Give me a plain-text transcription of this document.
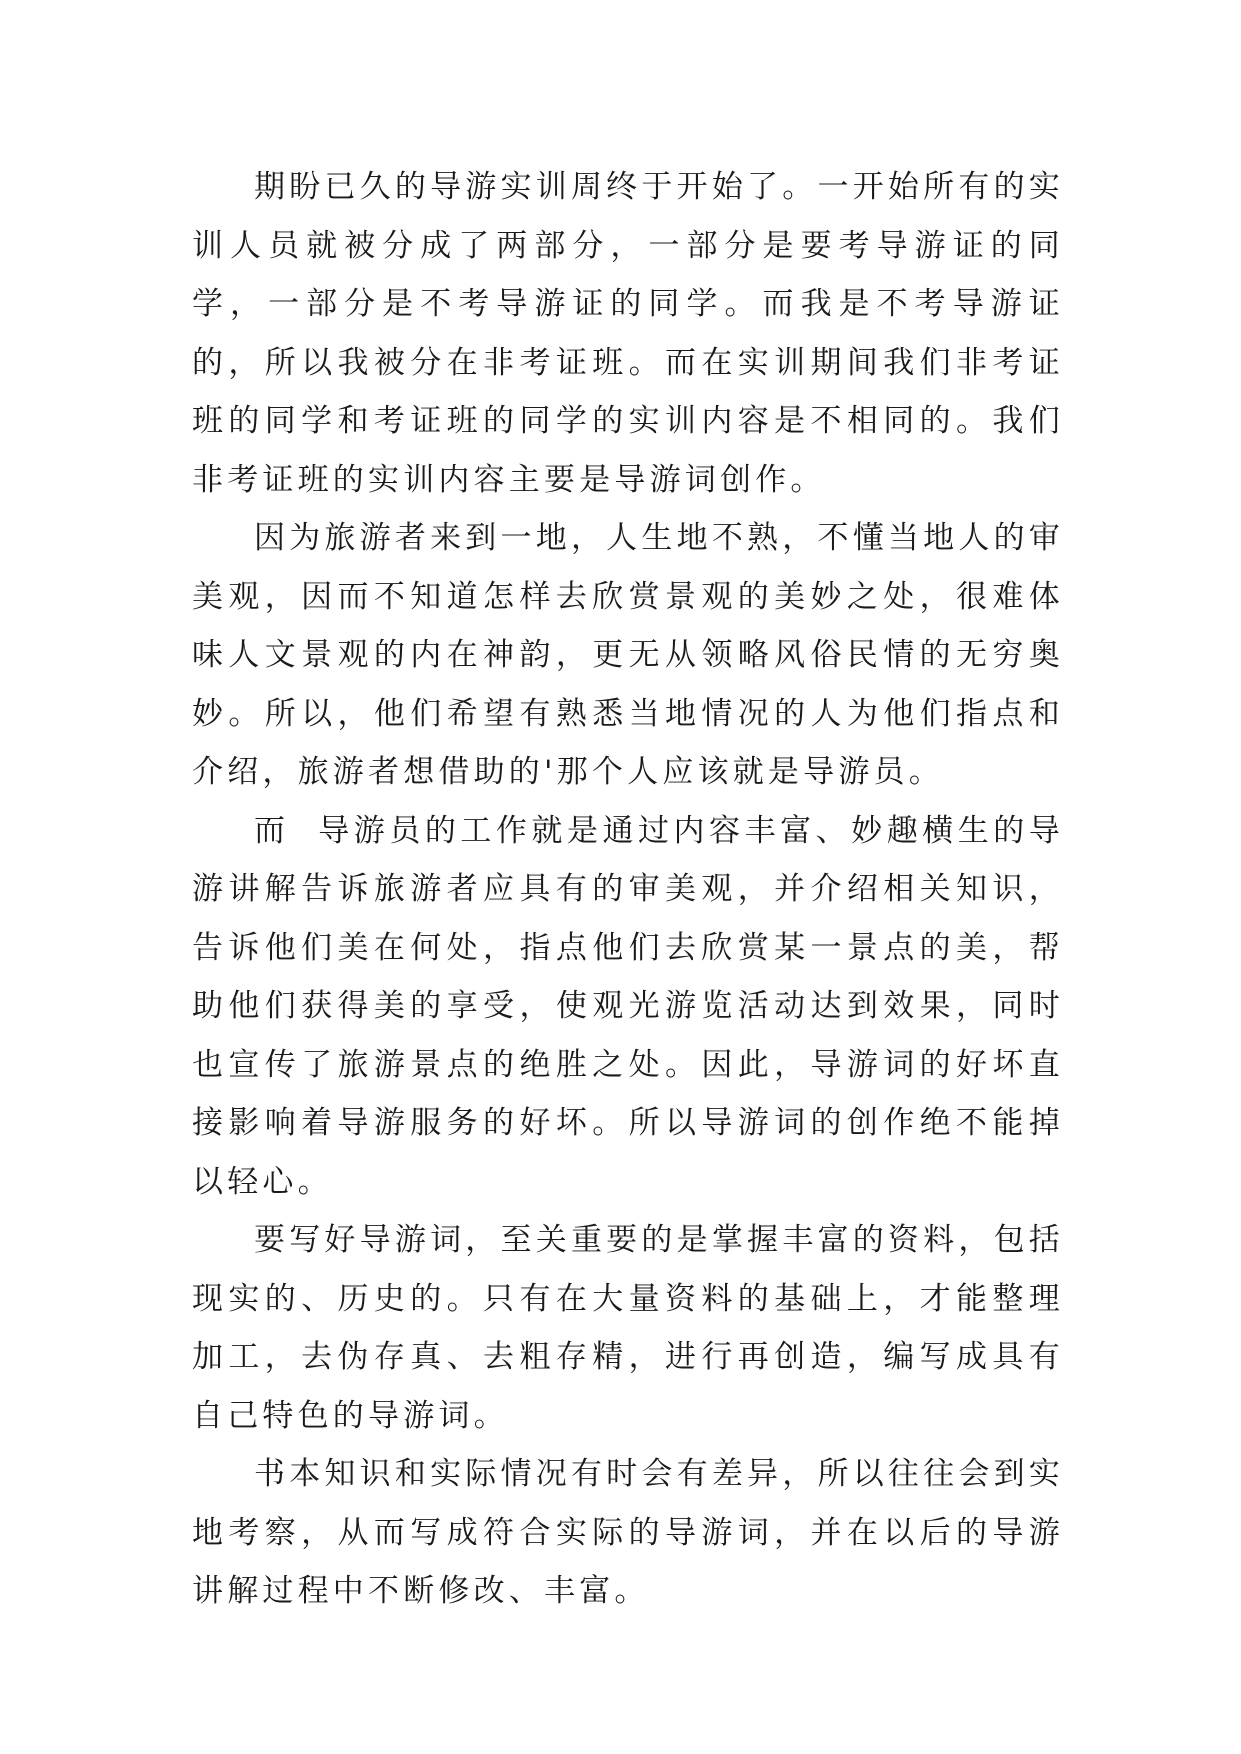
期盼已久的导游实训周终于开始了。一开始所有的实训人员就被分成了两部分，一部分是要考导游证的同学，一部分是不考导游证的同学。而我是不考导游证的，所以我被分在非考证班。而在实训期间我们非考证班的同学和考证班的同学的实训内容是不相同的。我们非考证班的实训内容主要是导游词创作。

因为旅游者来到一地，人生地不熟，不懂当地人的审美观，因而不知道怎样去欣赏景观的美妙之处，很难体味人文景观的内在神韵，更无从领略风俗民情的无穷奥妙。所以，他们希望有熟悉当地情况的人为他们指点和介绍，旅游者想借助的'那个人应该就是导游员。

而  导游员的工作就是通过内容丰富、妙趣横生的导游讲解告诉旅游者应具有的审美观，并介绍相关知识，告诉他们美在何处，指点他们去欣赏某一景点的美，帮助他们获得美的享受，使观光游览活动达到效果，同时也宣传了旅游景点的绝胜之处。因此，导游词的好坏直接影响着导游服务的好坏。所以导游词的创作绝不能掉以轻心。

要写好导游词，至关重要的是掌握丰富的资料，包括现实的、历史的。只有在大量资料的基础上，才能整理加工，去伪存真、去粗存精，进行再创造，编写成具有自己特色的导游词。

书本知识和实际情况有时会有差异，所以往往会到实地考察，从而写成符合实际的导游词，并在以后的导游讲解过程中不断修改、丰富。
